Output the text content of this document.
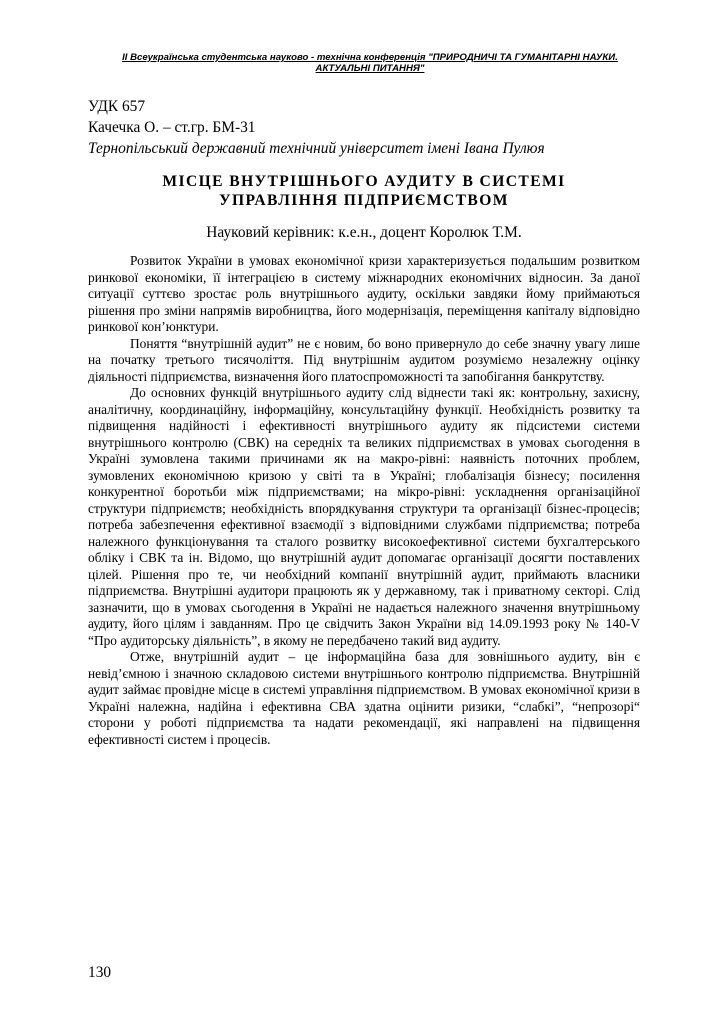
ІІ Всеукраїнська студентська науково - технічна конференція "ПРИРОДНИЧІ ТА ГУМАНІТАРНІ НАУКИ.
АКТУАЛЬНІ ПИТАННЯ"
УДК 657
Качечка О. – ст.гр. БМ-31
Тернопільський державний технічний університет імені Івана Пулюя
МІСЦЕ ВНУТРІШНЬОГО АУДИТУ В СИСТЕМІ
УПРАВЛІННЯ ПІДПРИЄМСТВОМ
Науковий керівник: к.е.н., доцент Королюк Т.М.

Розвиток України в умовах економічної кризи характеризується подальшим розвитком ринкової економіки, її інтеграцією в систему міжнародних економічних відносин. За даної ситуації суттєво зростає роль внутрішнього аудиту, оскільки завдяки йому приймаються рішення про зміни напрямів виробництва, його модернізація, переміщення капіталу відповідно ринкової кон’юнктури.

Поняття “внутрішній аудит” не є новим, бо воно привернуло до себе значну увагу лише на початку третього тисячоліття. Під внутрішнім аудитом розуміємо незалежну оцінку діяльності підприємства, визначення його платоспроможності та запобігання банкрутству.

До основних функцій внутрішнього аудиту слід віднести такі як: контрольну, захисну, аналітичну, координаційну, інформаційну, консультаційну функції. Необхідність розвитку та підвищення надійності і ефективності внутрішнього аудиту як підсистеми системи внутрішнього контролю (СВК) на середніх та великих підприємствах в умовах сьогодення в Україні зумовлена такими причинами як на макро-рівні: наявність поточних проблем, зумовлених економічною кризою у світі та в Україні; глобалізація бізнесу; посилення конкурентної боротьби між підприємствами; на мікро-рівні: ускладнення організаційної структури підприємств; необхідність впорядкування структури та організації бізнес-процесів; потреба забезпечення ефективної взаємодії з відповідними службами підприємства; потреба належного функціонування та сталого розвитку високоефективної системи бухгалтерського обліку і СВК та ін. Відомо, що внутрішній аудит допомагає організації досягти поставлених цілей. Рішення про те, чи необхідний компанії внутрішній аудит, приймають власники підприємства. Внутрішні аудитори працюють як у державному, так і приватному секторі. Слід зазначити, що в умовах сьогодення в Україні не надається належного значення внутрішньому аудиту, його цілям і завданням. Про це свідчить Закон України від 14.09.1993 року № 140-V “Про аудиторську діяльність”, в якому не передбачено такий вид аудиту.

Отже, внутрішній аудит – це інформаційна база для зовнішнього аудиту, він є невід’ємною і значною складовою системи внутрішнього контролю підприємства. Внутрішній аудит займає провідне місце в системі управління підприємством. В умовах економічної кризи в Україні належна, надійна і ефективна СВА здатна оцінити ризики, “слабкі”, “непрозорі“ сторони у роботі підприємства та надати рекомендації, які направлені на підвищення ефективності систем і процесів.

130
